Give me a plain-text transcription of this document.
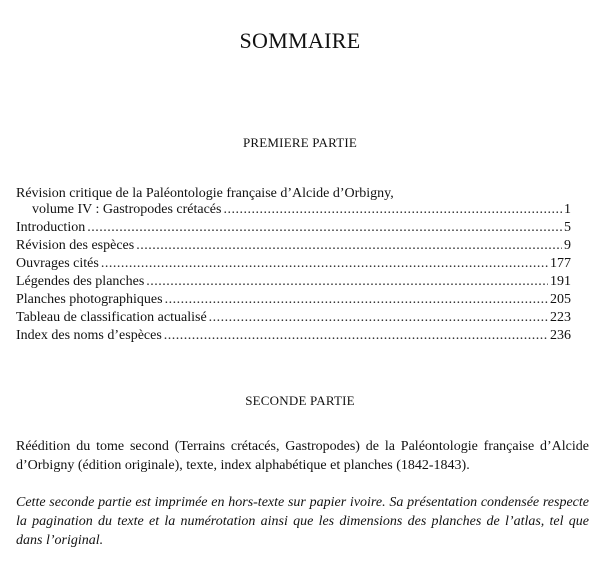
SOMMAIRE
PREMIERE PARTIE
Révision critique de la Paléontologie française d’Alcide d’Orbigny,
volume IV : Gastropodes crétacés .....	1
Introduction .....	5
Révision des espèces .....	9
Ouvrages cités .....	177
Légendes des planches .....	191
Planches photographiques .....	205
Tableau de classification actualisé .....	223
Index des noms d’espèces .....	236
SECONDE PARTIE

Réédition du tome second (Terrains crétacés, Gastropodes) de la Paléontologie française d’Alcide d’Orbigny (édition originale), texte, index alphabétique et planches (1842-1843).

Cette seconde partie est imprimée en hors-texte sur papier ivoire. Sa présentation condensée respecte la pagination du texte et la numérotation ainsi que les dimensions des planches de l’atlas, tel que dans l’original.
